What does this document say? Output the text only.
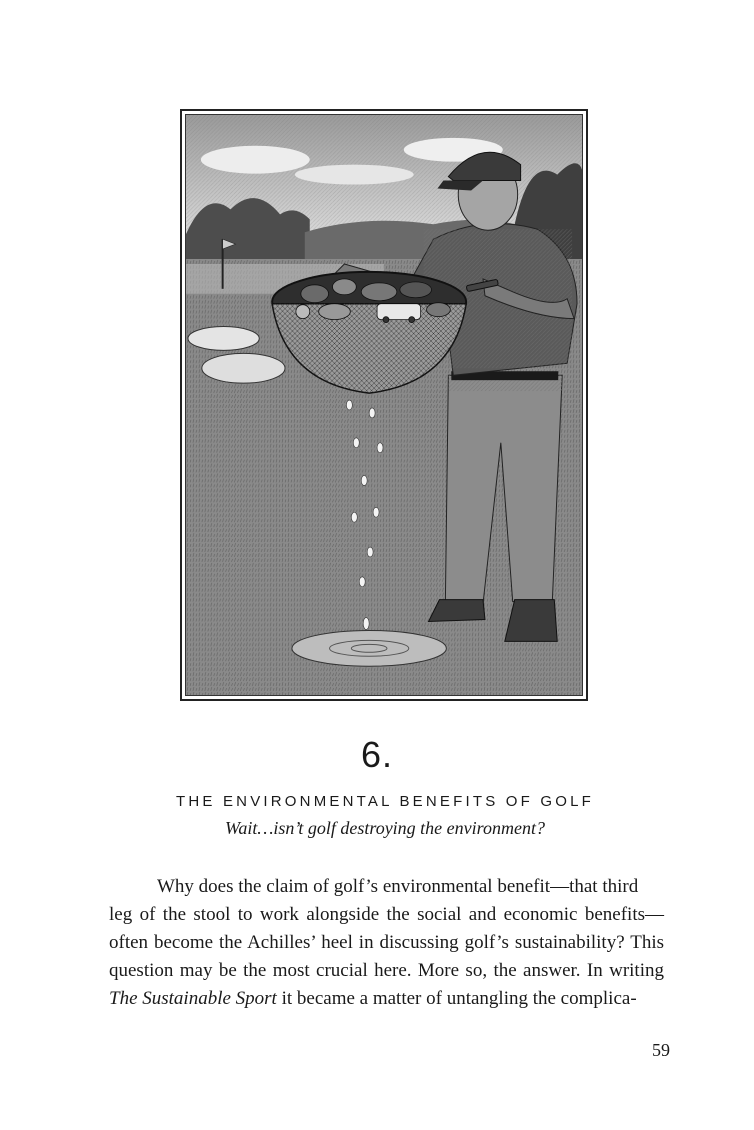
6.
THE ENVIRONMENTAL BENEFITS OF GOLF
Wait…isn’t golf destroying the environment?
Why does the claim of golf’s environmental benefit—that third
leg of the stool to work alongside the social and economic benefits—
often become the Achilles’ heel in discussing golf’s sustainability? This
question may be the most crucial here. More so, the answer. In writing
The Sustainable Sport it became a matter of untangling the complica-
59
